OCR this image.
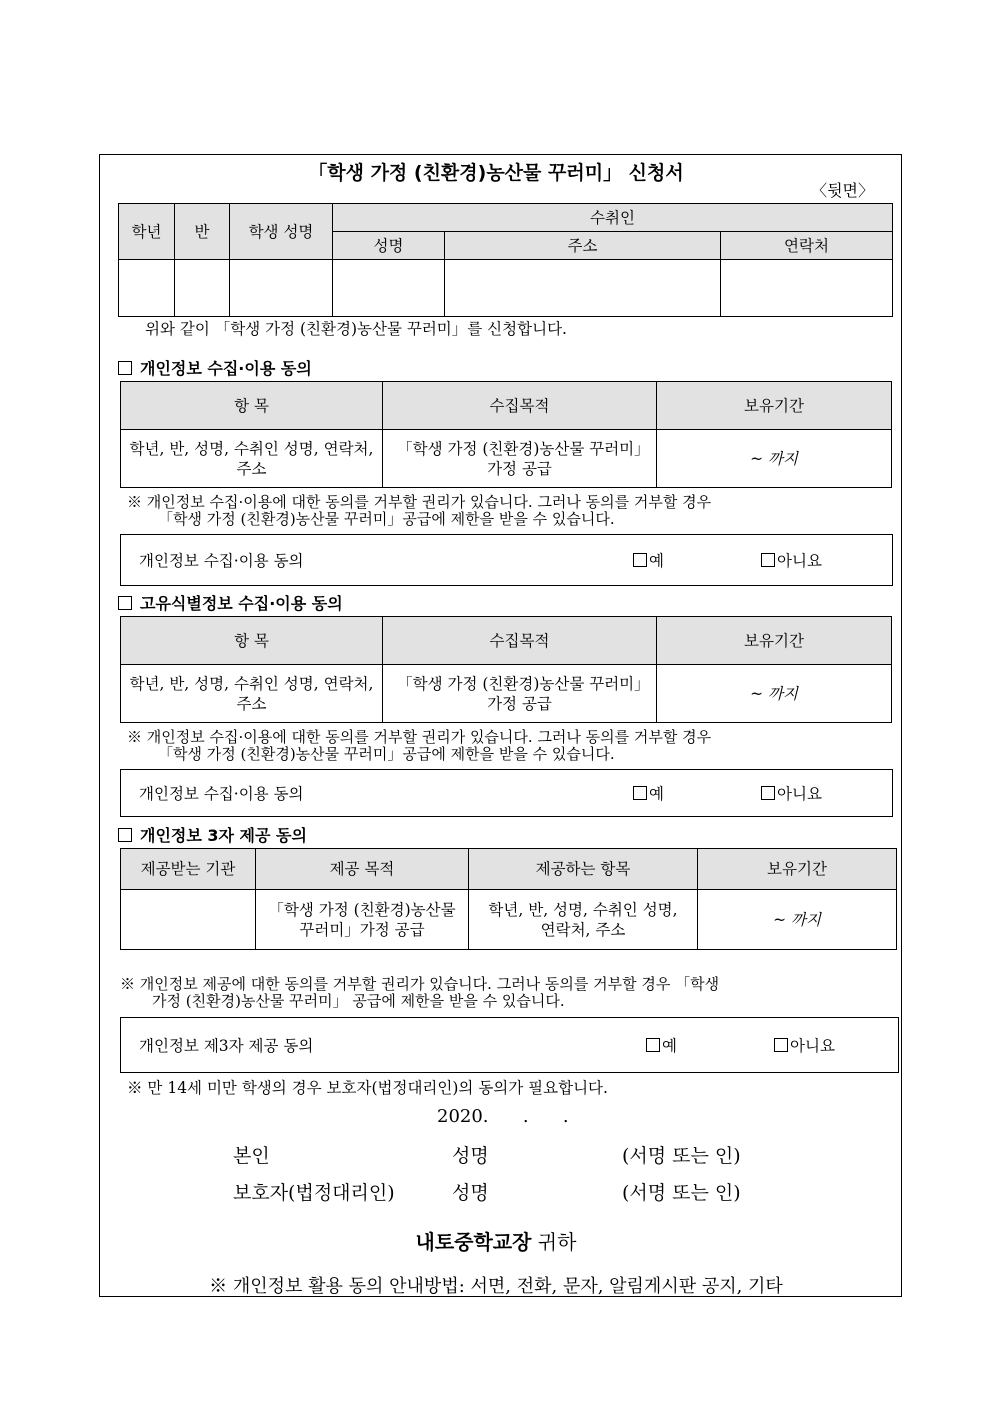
「학생 가정 (친환경)농산물 꾸러미」 신청서
〈뒷면〉
학년	반	학생 성명	수취인		
			성명	주소	연락처

위와 같이 「학생 가정 (친환경)농산물 꾸러미」를 신청합니다.
개인정보 수집·이용 동의
항 목	수집목적	보유기간
학년, 반, 성명, 수취인 성명, 연락처, 주소	「학생 가정 (친환경)농산물 꾸러미」가정 공급	~ 까지
※ 개인정보 수집·이용에 대한 동의를 거부할 권리가 있습니다. 그러나 동의를 거부할 경우
「학생 가정 (친환경)농산물 꾸러미」공급에 제한을 받을 수 있습니다.
개인정보 수집·이용 동의	예	아니요
고유식별정보 수집·이용 동의
항 목	수집목적	보유기간
학년, 반, 성명, 수취인 성명, 연락처, 주소	「학생 가정 (친환경)농산물 꾸러미」가정 공급	~ 까지
※ 개인정보 수집·이용에 대한 동의를 거부할 권리가 있습니다. 그러나 동의를 거부할 경우
「학생 가정 (친환경)농산물 꾸러미」공급에 제한을 받을 수 있습니다.
개인정보 수집·이용 동의	예	아니요
개인정보 3자 제공 동의
제공받는 기관	제공 목적	제공하는 항목	보유기간
	「학생 가정 (친환경)농산물 꾸러미」가정 공급	학년, 반, 성명, 수취인 성명, 연락처, 주소	~ 까지
※ 개인정보 제공에 대한 동의를 거부할 권리가 있습니다. 그러나 동의를 거부할 경우 「학생
가정 (친환경)농산물 꾸러미」 공급에 제한을 받을 수 있습니다.
개인정보 제3자 제공 동의	예	아니요
※ 만 14세 미만 학생의 경우 보호자(법정대리인)의 동의가 필요합니다.
2020.      .      .
본인	성명	(서명 또는 인)
보호자(법정대리인)	성명	(서명 또는 인)
내토중학교장 귀하
※ 개인정보 활용 동의 안내방법: 서면, 전화, 문자, 알림게시판 공지, 기타
